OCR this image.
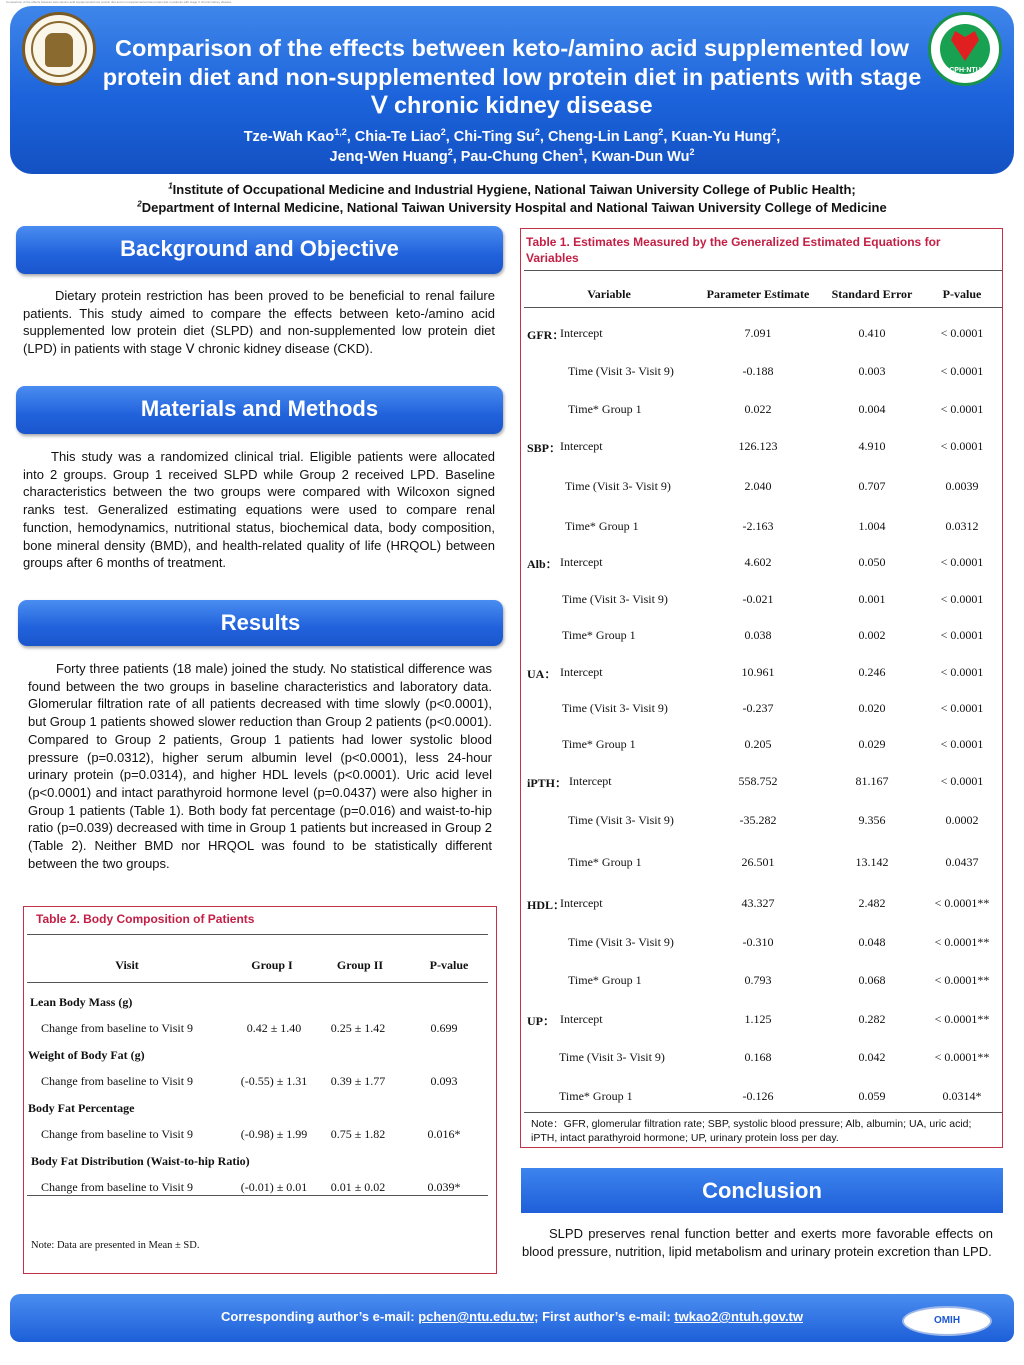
Comparison of the effects between keto-/amino acid supplemented low protein diet and non-supplemented low protein diet in patients with stage V chronic kidney disease
Comparison of the effects between keto-/amino acid supplemented low protein diet and non-supplemented low protein diet in patients with stage Ⅴ chronic kidney disease
Tze-Wah Kao$^{1,2}$, Chia-Te Liao$^2$, Chi-Ting Su$^2$, Cheng-Lin Lang$^2$, Kuan-Yu Hung$^2$,
Jenq-Wen Huang$^2$, Pau-Chung Chen$^1$, Kwan-Dun Wu$^2$
CPH·NTU
$^1$Institute of Occupational Medicine and Industrial Hygiene, National Taiwan University College of Public Health;
$^2$Department of Internal Medicine, National Taiwan University Hospital and National Taiwan University College of Medicine
Background and Objective
Dietary protein restriction has been proved to be beneficial to renal failure patients. This study aimed to compare the effects between keto-/amino acid supplemented low protein diet (SLPD) and non-supplemented low protein diet (LPD) in patients with stage Ⅴ chronic kidney disease (CKD).
Materials and Methods
This study was a randomized clinical trial. Eligible patients were allocated into 2 groups. Group 1 received SLPD while Group 2 received LPD. Baseline characteristics between the two groups were compared with Wilcoxon signed ranks test. Generalized estimating equations were used to compare renal function, hemodynamics, nutritional status, biochemical data, body composition, bone mineral density (BMD), and health-related quality of life (HRQOL) between groups after 6 months of treatment.
Results
Forty three patients (18 male) joined the study. No statistical difference was found between the two groups in baseline characteristics and laboratory data. Glomerular filtration rate of all patients decreased with time slowly (p<0.0001), but Group 1 patients showed slower reduction than Group 2 patients (p<0.0001). Compared to Group 2 patients, Group 1 patients had lower systolic blood pressure (p=0.0312), higher serum albumin level (p<0.0001), less 24-hour urinary protein (p=0.0314), and higher HDL levels (p<0.0001). Uric acid level (p<0.0001) and intact parathyroid hormone level (p=0.0437) were also higher in Group 1 patients (Table 1). Both body fat percentage (p=0.016) and waist-to-hip ratio (p=0.039) decreased with time in Group 1 patients but increased in Group 2 (Table 2). Neither BMD nor HRQOL was found to be statistically different between the two groups.
Table 2. Body Composition of Patients
Visit	Group I	Group II	P-value
Lean Body Mass (g)
Change from baseline to Visit 9	0.42 ± 1.40 0.25 ± 1.42	0.699
Weight of Body Fat (g)
Change from baseline to Visit 9	(-0.55) ± 1.31 0.39 ± 1.77	0.093
Body Fat Percentage
Change from baseline to Visit 9	(-0.98) ± 1.99 0.75 ± 1.82	0.016*
Body Fat Distribution (Waist-to-hip Ratio)
Change from baseline to Visit 9	(-0.01) ± 0.01 0.01 ± 0.02	0.039*
Note: Data are presented in Mean ± SD.
Table 1. Estimates Measured by the Generalized Estimated Equations for Variables
Variable	Parameter Estimate Standard Error	P-value
GFR：
Intercept	7.091	0.410	< 0.0001
Time (Visit 3- Visit 9)	-0.188	0.003	< 0.0001
Time* Group 1	0.022	0.004	< 0.0001
SBP：
Intercept	126.123	4.910	< 0.0001
Time (Visit 3- Visit 9)	2.040	0.707	0.0039
Time* Group 1	-2.163	1.004	0.0312
Alb： Intercept	4.602	0.050	< 0.0001
Time (Visit 3- Visit 9)	-0.021	0.001	< 0.0001
Time* Group 1	0.038	0.002	< 0.0001
UA： Intercept	10.961	0.246	< 0.0001
Time (Visit 3- Visit 9)	-0.237	0.020	< 0.0001
Time* Group 1	0.205	0.029	< 0.0001
iPTH： Intercept	558.752	81.167	< 0.0001
Time (Visit 3- Visit 9)	-35.282	9.356	0.0002
Time* Group 1	26.501	13.142	0.0437
HDL：
Intercept	43.327	2.482	< 0.0001**
Time (Visit 3- Visit 9)	-0.310	0.048	< 0.0001**
Time* Group 1	0.793	0.068	< 0.0001**
UP： Intercept	1.125	0.282	< 0.0001**
Time (Visit 3- Visit 9)	0.168	0.042	< 0.0001**
Time* Group 1	-0.126	0.059	0.0314*
Note：GFR, glomerular filtration rate; SBP, systolic blood pressure; Alb, albumin; UA, uric acid; iPTH, intact parathyroid hormone; UP, urinary protein loss per day.
Conclusion
SLPD preserves renal function better and exerts more favorable effects on blood pressure, nutrition, lipid metabolism and urinary protein excretion than LPD.
Corresponding author’s e-mail: pchen@ntu.edu.tw; First author’s e-mail: twkao2@ntuh.gov.tw	OMIH
